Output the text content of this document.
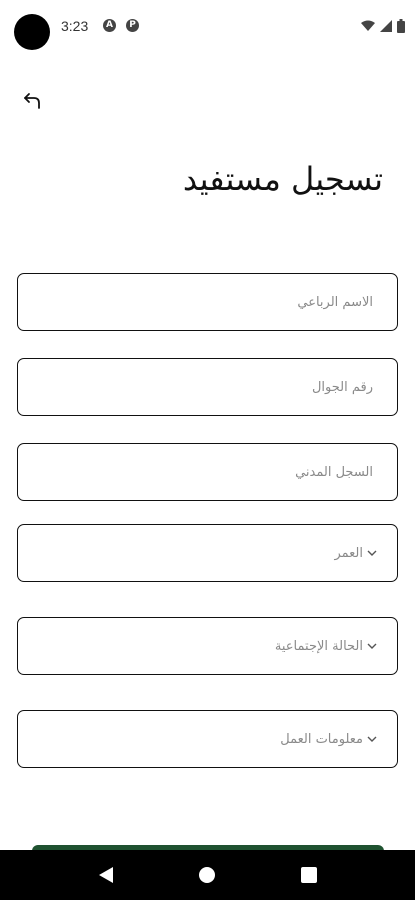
3:23	A	P
تسجيل مستفيد
الاسم الرباعي
رقم الجوال
السجل المدني
العمر
الحالة الإجتماعية
معلومات العمل
